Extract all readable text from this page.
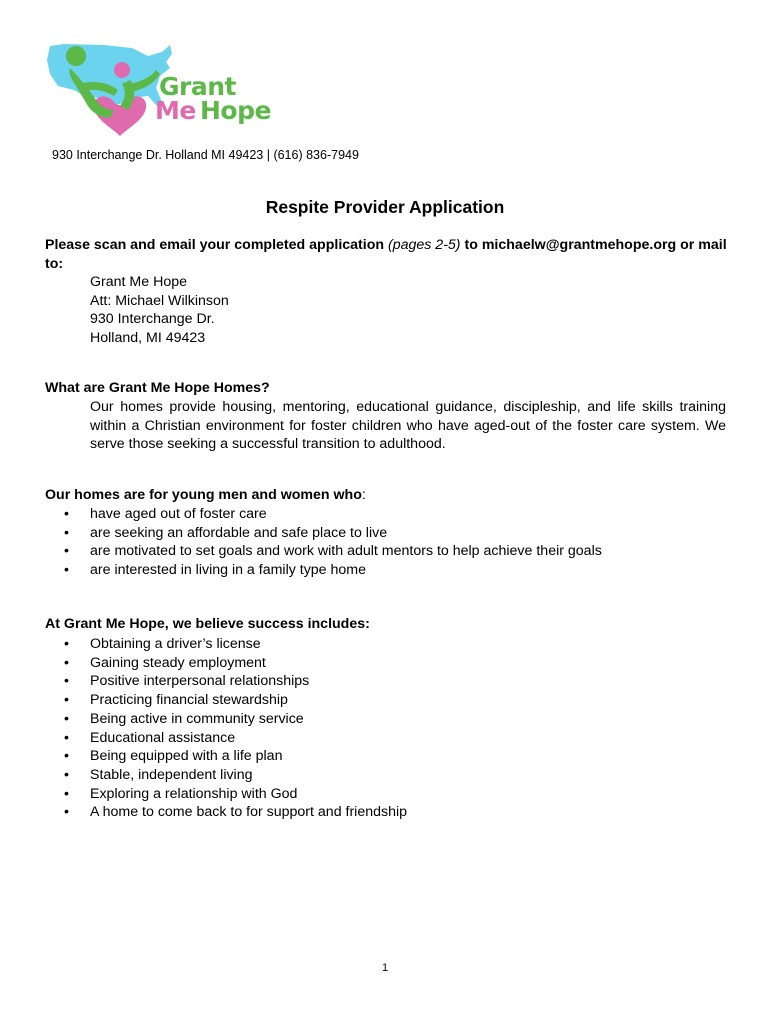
Grant
Me Hope
930 Interchange Dr. Holland MI 49423 | (616) 836-7949
Respite Provider Application
Please scan and email your completed application (pages 2-5) to michaelw@grantmehope.org or mail to:
Grant Me Hope
Att: Michael Wilkinson
930 Interchange Dr.
Holland, MI 49423
What are Grant Me Hope Homes?

Our homes provide housing, mentoring, educational guidance, discipleship, and life skills training within a Christian environment for foster children who have aged-out of the foster care system. We serve those seeking a successful transition to adulthood.

Our homes are for young men and women who:
• have aged out of foster care
• are seeking an affordable and safe place to live
• are motivated to set goals and work with adult mentors to help achieve their goals
• are interested in living in a family type home
At Grant Me Hope, we believe success includes:
• Obtaining a driver’s license
• Gaining steady employment
• Positive interpersonal relationships
• Practicing financial stewardship
• Being active in community service
• Educational assistance
• Being equipped with a life plan
• Stable, independent living
• Exploring a relationship with God
• A home to come back to for support and friendship
1
